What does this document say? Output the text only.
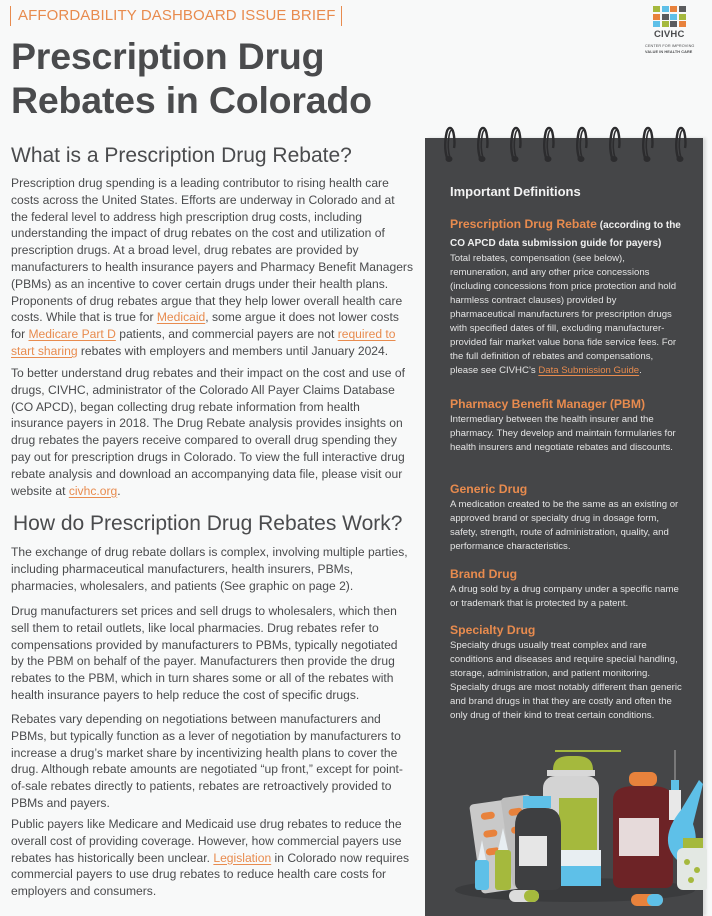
AFFORDABILITY DASHBOARD ISSUE BRIEF
Prescription Drug
Rebates in Colorado
CIVHC
CENTER FOR IMPROVING
VALUE IN HEALTH CARE
What is a Prescription Drug Rebate?
Prescription drug spending is a leading contributor to rising health care costs across the United States. Efforts are underway in Colorado and at the federal level to address high prescription drug costs, including understanding the impact of drug rebates on the cost and utilization of prescription drugs. At a broad level, drug rebates are provided by manufacturers to health insurance payers and Pharmacy Benefit Managers (PBMs) as an incentive to cover certain drugs under their health plans. Proponents of drug rebates argue that they help lower overall health care costs. While that is true for Medicaid, some argue it does not lower costs for Medicare Part D patients, and commercial payers are not required to start sharing rebates with employers and members until January 2024.
To better understand drug rebates and their impact on the cost and use of drugs, CIVHC, administrator of the Colorado All Payer Claims Database (CO APCD), began collecting drug rebate information from health insurance payers in 2018. The Drug Rebate analysis provides insights on drug rebates the payers receive compared to overall drug spending they pay out for prescription drugs in Colorado. To view the full interactive drug rebate analysis and download an accompanying data file, please visit our website at civhc.org.
How do Prescription Drug Rebates Work?
The exchange of drug rebate dollars is complex, involving multiple parties, including pharmaceutical manufacturers, health insurers, PBMs, pharmacies, wholesalers, and patients (See graphic on page 2).
Drug manufacturers set prices and sell drugs to wholesalers, which then sell them to retail outlets, like local pharmacies. Drug rebates refer to compensations provided by manufacturers to PBMs, typically negotiated by the PBM on behalf of the payer. Manufacturers then provide the drug rebates to the PBM, which in turn shares some or all of the rebates with health insurance payers to help reduce the cost of specific drugs.
Rebates vary depending on negotiations between manufacturers and PBMs, but typically function as a lever of negotiation by manufacturers to increase a drug’s market share by incentivizing health plans to cover the drug. Although rebate amounts are negotiated “up front,” except for point-of-sale rebates directly to patients, rebates are retroactively provided to PBMs and payers.
Public payers like Medicare and Medicaid use drug rebates to reduce the overall cost of providing coverage. However, how commercial payers use rebates has historically been unclear. Legislation in Colorado now requires commercial payers to use drug rebates to reduce health care costs for employers and consumers.
Important Definitions
Prescription Drug Rebate (according to the CO APCD data submission guide for payers)
Total rebates, compensation (see below), remuneration, and any other price concessions (including concessions from price protection and hold harmless contract clauses) provided by pharmaceutical manufacturers for prescription drugs with specified dates of fill, excluding manufacturer-provided fair market value bona fide service fees. For the full definition of rebates and compensations, please see CIVHC’s Data Submission Guide.
Pharmacy Benefit Manager (PBM)
Intermediary between the health insurer and the pharmacy. They develop and maintain formularies for health insurers and negotiate rebates and discounts.
Generic Drug
A medication created to be the same as an existing or approved brand or specialty drug in dosage form, safety, strength, route of administration, quality, and performance characteristics.
Brand Drug
A drug sold by a drug company under a specific name or trademark that is protected by a patent.
Specialty Drug
Specialty drugs usually treat complex and rare conditions and diseases and require special handling, storage, administration, and patient monitoring. Specialty drugs are most notably different than generic and brand drugs in that they are costly and often the only drug of their kind to treat certain conditions.
